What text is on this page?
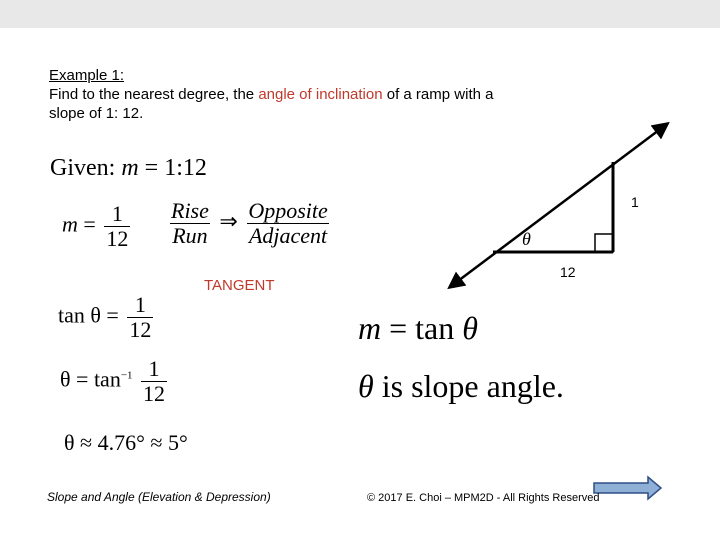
Example 1:
Find to the nearest degree, the angle of inclination of a ramp with a
slope of 1: 12.
Given: m = 1:12
$m = \frac{1}{12} \frac{\text{Rise}}{\text{Run}}$ ⇒ $\frac{\text{Opposite}}{\text{Adjacent}}$
TANGENT
$\tan \theta = \frac{1}{12}$
$\theta = \tan^{-1} \frac{1}{12}$
θ ≈ 4.76° ≈ 5°
θ
1
12
m = tan θ
θ is slope angle.
Slope and Angle (Elevation & Depression)	© 2017 E. Choi – MPM2D - All Rights Reserved
